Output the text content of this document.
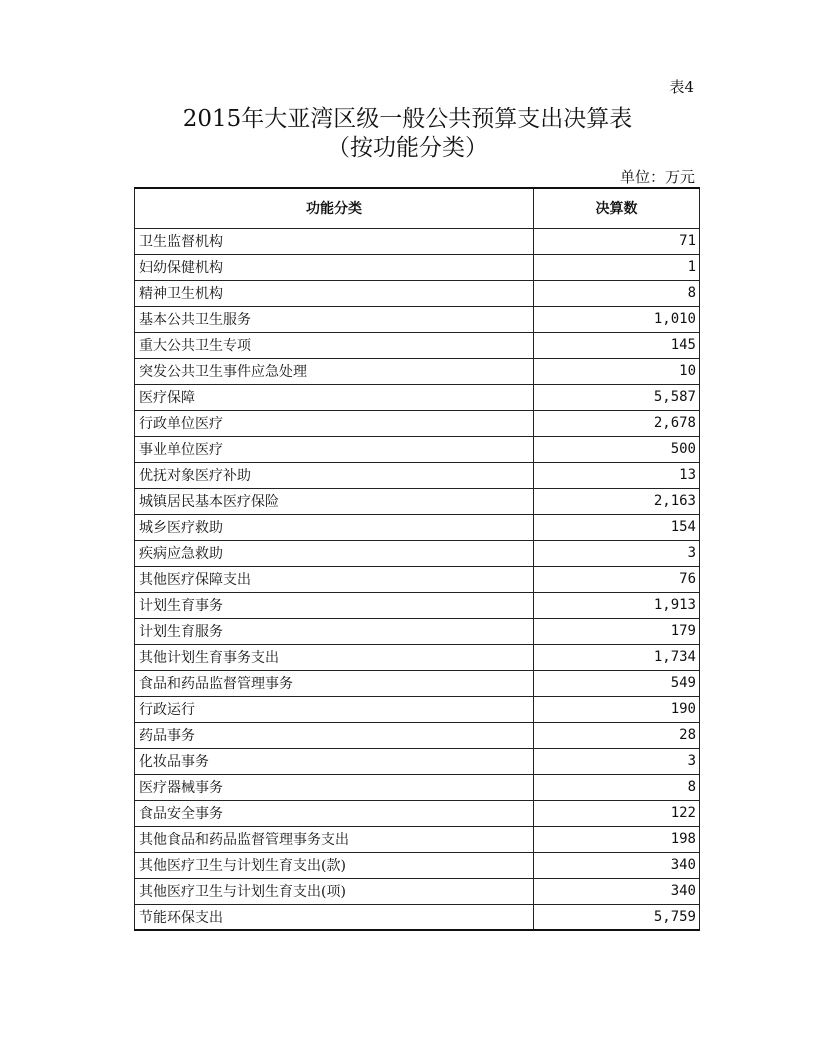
表4
2015年大亚湾区级一般公共预算支出决算表
（按功能分类）
单位：万元
功能分类	决算数
卫生监督机构	71
妇幼保健机构	1
精神卫生机构	8
基本公共卫生服务	1,010
重大公共卫生专项	145
突发公共卫生事件应急处理	10
医疗保障	5,587
行政单位医疗	2,678
事业单位医疗	500
优抚对象医疗补助	13
城镇居民基本医疗保险	2,163
城乡医疗救助	154
疾病应急救助	3
其他医疗保障支出	76
计划生育事务	1,913
计划生育服务	179
其他计划生育事务支出	1,734
食品和药品监督管理事务	549
行政运行	190
药品事务	28
化妆品事务	3
医疗器械事务	8
食品安全事务	122
其他食品和药品监督管理事务支出	198
其他医疗卫生与计划生育支出(款)	340
其他医疗卫生与计划生育支出(项)	340
节能环保支出	5,759
